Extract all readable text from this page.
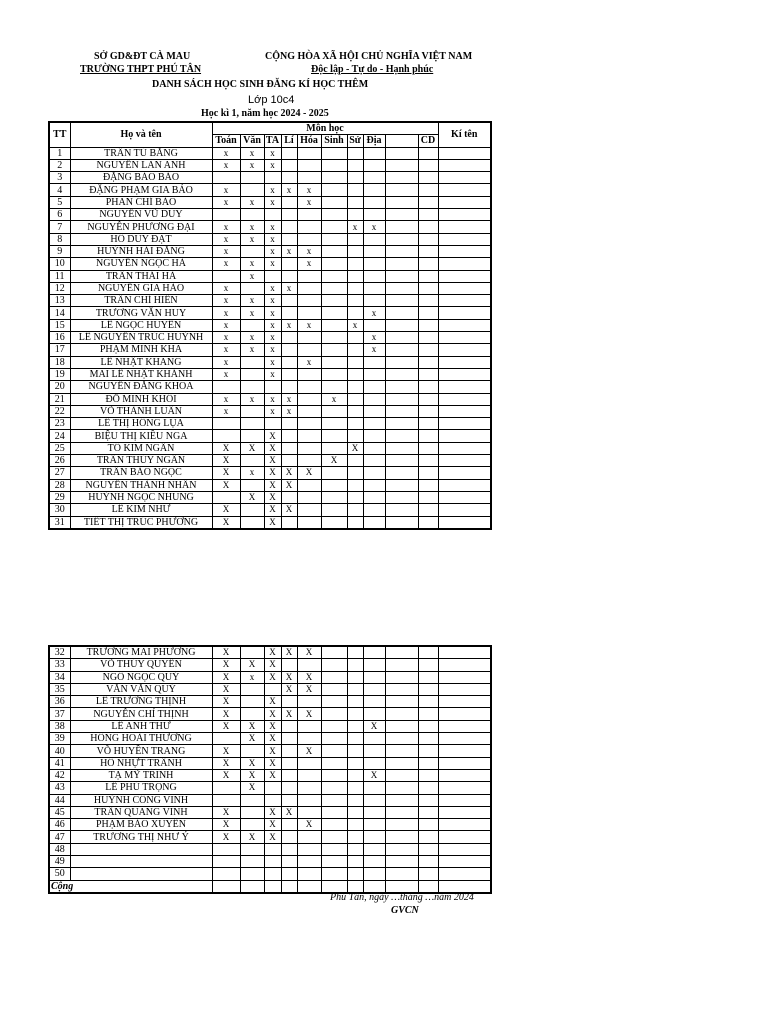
SỞ GD&ĐT CÀ MAU
TRƯỜNG THPT PHÚ TÂN
CỘNG HÒA XÃ HỘI CHỦ NGHĨA VIỆT NAM
Độc lập - Tự do - Hạnh phúc
DANH SÁCH HỌC SINH ĐĂNG KÍ HỌC THÊM
Lớp 10c4
Học kì 1, năm học 2024 - 2025
TT	Họ và tên	Môn học										Kí tên
		Toán	Văn	TA	Lí	Hóa	Sinh	Sử	Địa		CD	
1	TRẦN TÚ BĂNG	x	x	x								
2	NGUYỄN LAN ANH	x	x	x								
3	ĐẶNG BẢO BẢO											
4	ĐẶNG PHẠM GIA BẢO	x		x	x	x						
5	PHAN CHÍ BẢO	x	x	x		x						
6	NGUYỄN VŨ DUY											
7	NGUYỄN PHƯƠNG ĐẠI	x	x	x				x	x			
8	HỒ DUY ĐẠT	x	x	x								
9	HUỲNH HẢI ĐĂNG	x		x	x	x						
10	NGUYỄN NGỌC HÀ	x	x	x		x						
11	TRẦN THÁI HÀ		x									
12	NGUYỄN GIA HÀO	x		x	x							
13	TRẦN CHÍ HIỀN	x	x	x								
14	TRƯƠNG VĂN HUY	x	x	x					x			
15	LÊ NGỌC HUYỀN	x		x	x	x		x				
16	LÊ NGUYỄN TRÚC HUỲNH	x	x	x					x			
17	PHẠM MINH KHA	x	x	x					x			
18	LÊ NHẬT KHANG	x		x		x						
19	MAI LÊ NHẬT KHÁNH	x		x								
20	NGUYỄN ĐĂNG KHOA											
21	ĐỖ MINH KHÔI	x	x	x	x		x					
22	VÕ THÀNH LUÂN	x		x	x							
23	LÊ THỊ HỒNG LỤA											
24	BIỆU THỊ KIỀU NGA			X								
25	TÔ KIM NGÂN	X	X	X				X				
26	TRẦN THÚY NGÂN	X		X			X					
27	TRẦN BẢO NGỌC	X	x	X	X	X						
28	NGUYỄN THÀNH NHÂN	X		X	X							
29	HUỲNH NGỌC NHUNG		X	X								
30	LÊ KIM NHƯ	X		X	X							
31	TIẾT THỊ TRÚC PHƯƠNG	X		X								
32	TRƯƠNG MAI PHƯƠNG	X		X	X	X						
33	VÕ THÚY QUYÊN	X	X	X								
34	NGÔ NGỌC QUÝ	X	x	X	X	X						
35	VĂN VĂN QUÝ	X			X	X						
36	LÊ TRƯỜNG THỊNH	X		X								
37	NGUYỄN CHÍ THỊNH	X		X	X	X						
38	LÊ ANH THƯ	X	X	X					X			
39	HỒNG HOÀI THƯƠNG		X	X								
40	VÕ HUYỀN TRANG	X		X		X						
41	HỒ NHỰT TRÂNH	X	X	X								
42	TẠ MỸ TRINH	X	X	X					X			
43	LÊ PHÚ TRỌNG		X									
44	HUỲNH CÔNG VINH											
45	TRẦN QUANG VINH	X		X	X							
46	PHẠM BẢO XUYÊN	X		X		X						
47	TRƯƠNG THỊ NHƯ Ý	X	X	X								
48												
49												
50												
Cộng												
Phú Tân, ngày …tháng …năm 2024
GVCN
